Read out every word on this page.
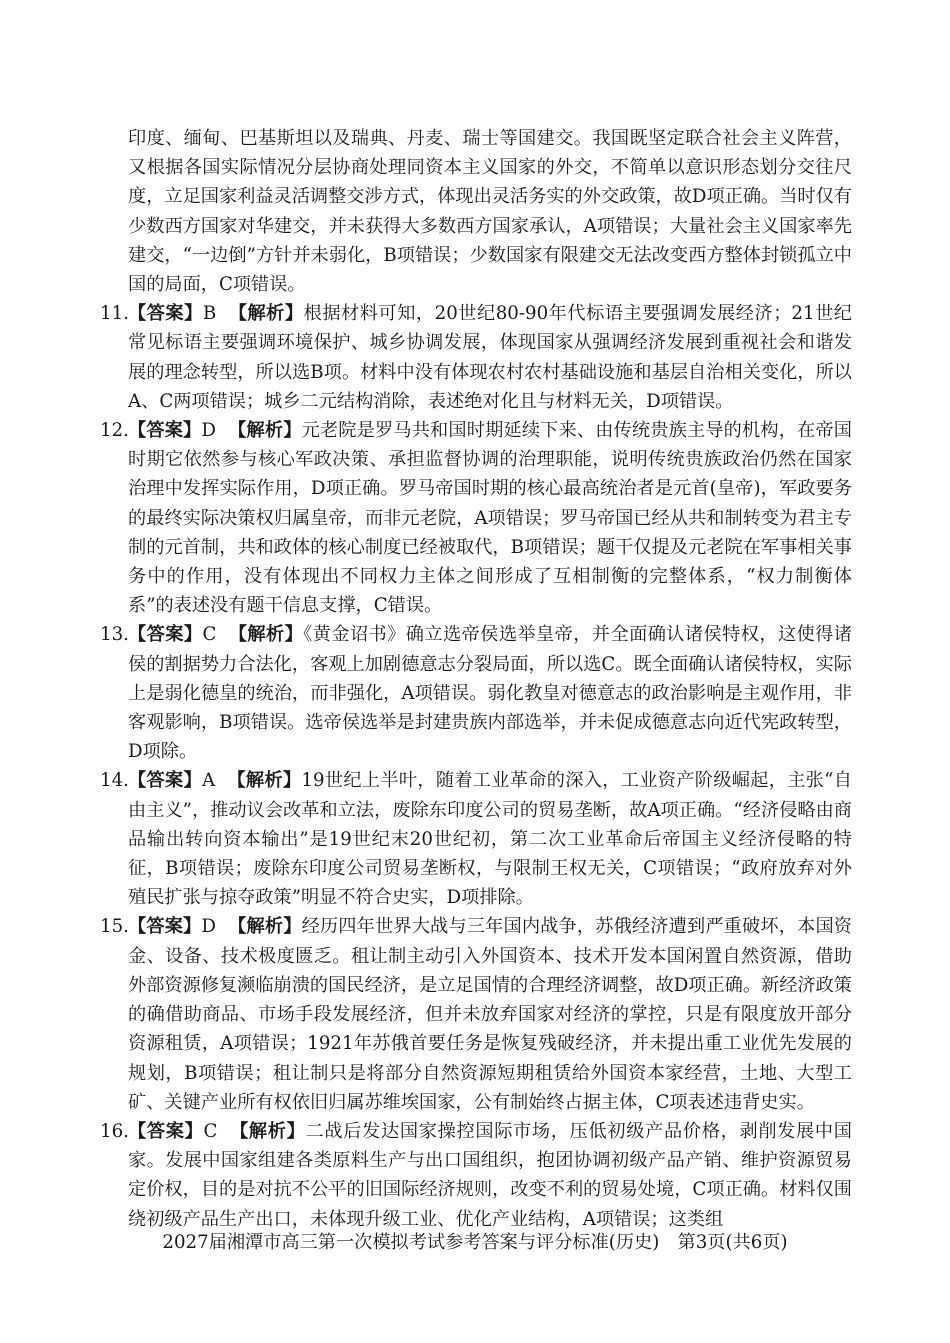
印度、缅甸、巴基斯坦以及瑞典、丹麦、瑞士等国建交。我国既坚定联合社会主义阵营，又根据各国实际情况分层协商处理同资本主义国家的外交，不简单以意识形态划分交往尺度，立足国家利益灵活调整交涉方式，体现出灵活务实的外交政策，故D项正确。当时仅有少数西方国家对华建交，并未获得大多数西方国家承认，A项错误；大量社会主义国家率先建交，“一边倒”方针并未弱化，B项错误；少数国家有限建交无法改变西方整体封锁孤立中国的局面，C项错误。

11. 【答案】B 【解析】根据材料可知，20世纪80-90年代标语主要强调发展经济；21世纪常见标语主要强调环境保护、城乡协调发展，体现国家从强调经济发展到重视社会和谐发展的理念转型，所以选B项。材料中没有体现农村农村基础设施和基层自治相关变化，所以A、C两项错误；城乡二元结构消除，表述绝对化且与材料无关，D项错误。
12. 【答案】D 【解析】元老院是罗马共和国时期延续下来、由传统贵族主导的机构，在帝国时期它依然参与核心军政决策、承担监督协调的治理职能，说明传统贵族政治仍然在国家治理中发挥实际作用，D项正确。罗马帝国时期的核心最高统治者是元首(皇帝)，军政要务的最终实际决策权归属皇帝，而非元老院，A项错误；罗马帝国已经从共和制转变为君主专制的元首制，共和政体的核心制度已经被取代，B项错误；题干仅提及元老院在军事相关事务中的作用，没有体现出不同权力主体之间形成了互相制衡的完整体系，“权力制衡体系”的表述没有题干信息支撑，C错误。
13. 【答案】C 【解析】《黄金诏书》确立选帝侯选举皇帝，并全面确认诸侯特权，这使得诸侯的割据势力合法化，客观上加剧德意志分裂局面，所以选C。既全面确认诸侯特权，实际上是弱化德皇的统治，而非强化，A项错误。弱化教皇对德意志的政治影响是主观作用，非客观影响，B项错误。选帝侯选举是封建贵族内部选举，并未促成德意志向近代宪政转型，D项除。
14. 【答案】A 【解析】19世纪上半叶，随着工业革命的深入，工业资产阶级崛起，主张“自由主义”，推动议会改革和立法，废除东印度公司的贸易垄断，故A项正确。“经济侵略由商品输出转向资本输出”是19世纪末20世纪初，第二次工业革命后帝国主义经济侵略的特征，B项错误；废除东印度公司贸易垄断权，与限制王权无关，C项错误；“政府放弃对外殖民扩张与掠夺政策”明显不符合史实，D项排除。
15. 【答案】D 【解析】经历四年世界大战与三年国内战争，苏俄经济遭到严重破坏，本国资金、设备、技术极度匮乏。租让制主动引入外国资本、技术开发本国闲置自然资源，借助外部资源修复濒临崩溃的国民经济，是立足国情的合理经济调整，故D项正确。新经济政策的确借助商品、市场手段发展经济，但并未放弃国家对经济的掌控，只是有限度放开部分资源租赁，A项错误；1921年苏俄首要任务是恢复残破经济，并未提出重工业优先发展的规划，B项错误；租让制只是将部分自然资源短期租赁给外国资本家经营，土地、大型工矿、关键产业所有权依旧归属苏维埃国家，公有制始终占据主体，C项表述违背史实。
16. 【答案】C 【解析】二战后发达国家操控国际市场，压低初级产品价格，剥削发展中国家。发展中国家组建各类原料生产与出口国组织，抱团协调初级产品产销、维护资源贸易定价权，目的是对抗不公平的旧国际经济规则，改变不利的贸易处境，C项正确。材料仅围绕初级产品生产出口，未体现升级工业、优化产业结构，A项错误；这类组
2027届湘潭市高三第一次模拟考试参考答案与评分标准(历史)　第3页(共6页)
